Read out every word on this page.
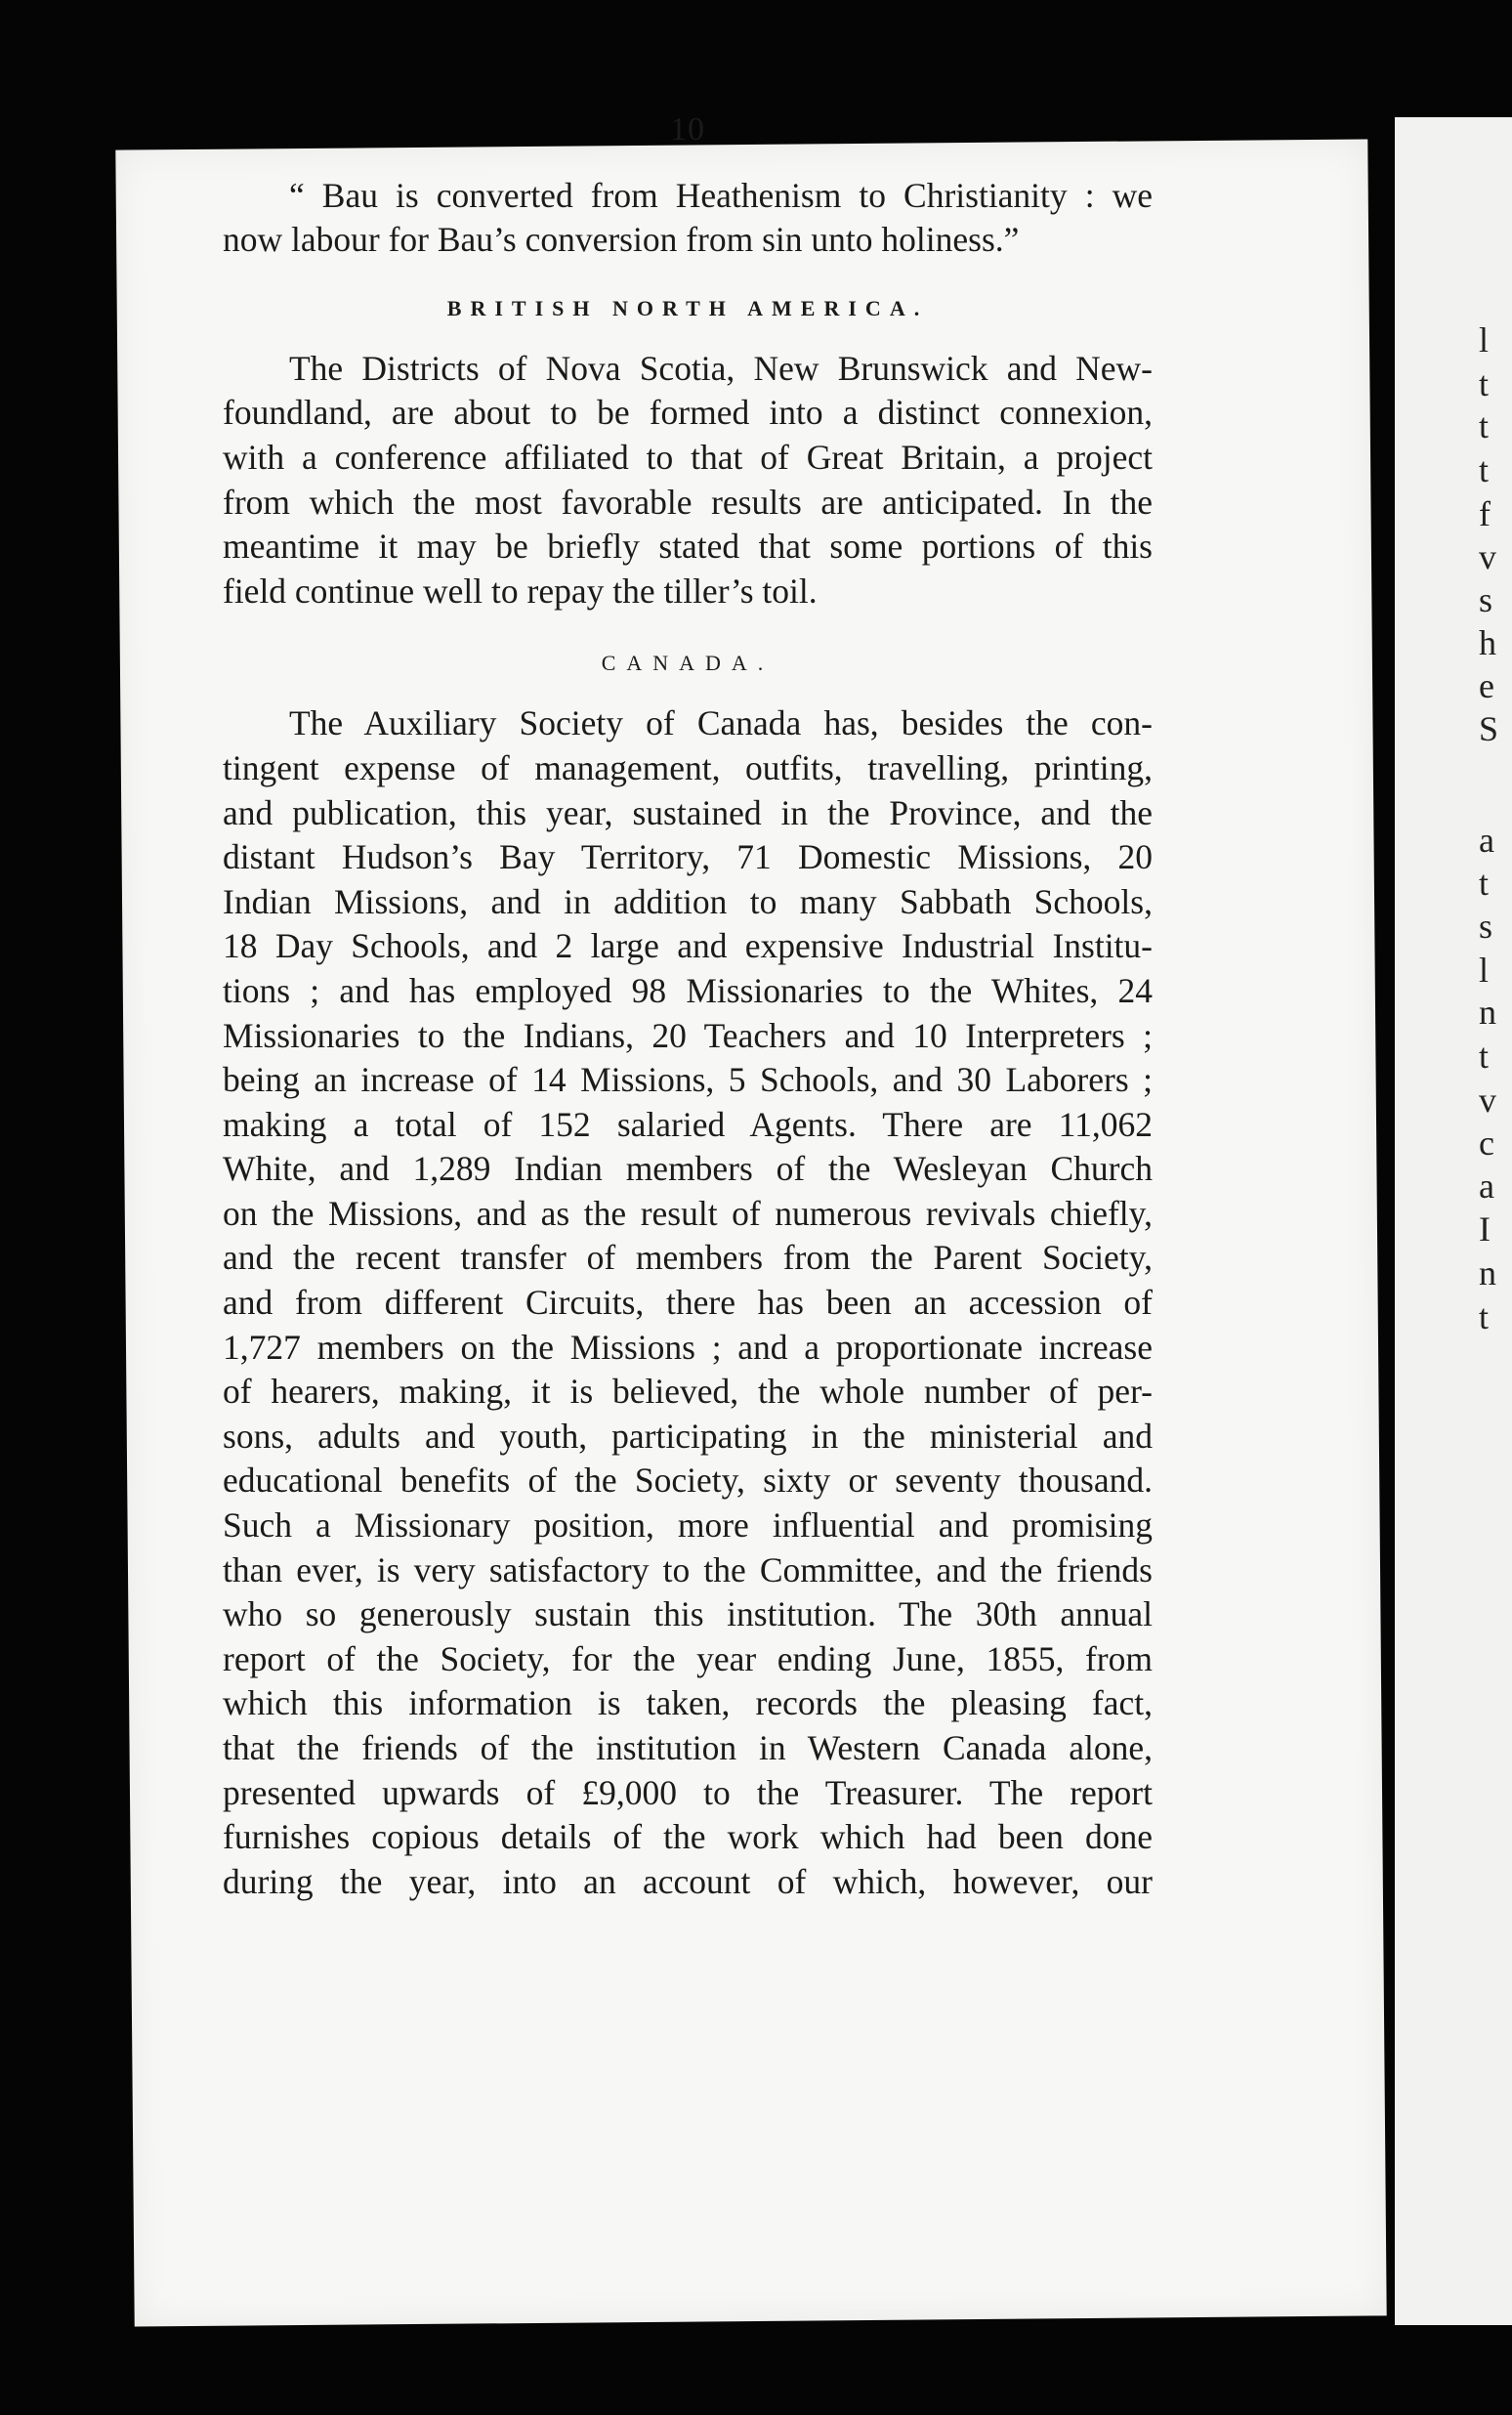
l
t
t
t
f
v
s
h
e
S
a
t
s
l
n
t
v
c
a
I
n
t
10

“ Bau is converted from Heathenism to Christianity : we
now labour for Bau’s conversion from sin unto holiness.”

BRITISH NORTH AMERICA.

The Districts of Nova Scotia, New Brunswick and New-
foundland, are about to be formed into a distinct connexion,
with a conference affiliated to that of Great Britain, a project
from which the most favorable results are anticipated. In the
meantime it may be briefly stated that some portions of this
field continue well to repay the tiller’s toil.

CANADA.

The Auxiliary Society of Canada has, besides the con-
tingent expense of management, outfits, travelling, printing,
and publication, this year, sustained in the Province, and the
distant Hudson’s Bay Territory, 71 Domestic Missions, 20
Indian Missions, and in addition to many Sabbath Schools,
18 Day Schools, and 2 large and expensive Industrial Institu-
tions ; and has employed 98 Missionaries to the Whites, 24
Missionaries to the Indians, 20 Teachers and 10 Interpreters ;
being an increase of 14 Missions, 5 Schools, and 30 Laborers ;
making a total of 152 salaried Agents. There are 11,062
White, and 1,289 Indian members of the Wesleyan Church
on the Missions, and as the result of numerous revivals chiefly,
and the recent transfer of members from the Parent Society,
and from different Circuits, there has been an accession of
1,727 members on the Missions ; and a proportionate increase
of hearers, making, it is believed, the whole number of per-
sons, adults and youth, participating in the ministerial and
educational benefits of the Society, sixty or seventy thousand.
Such a Missionary position, more influential and promising
than ever, is very satisfactory to the Committee, and the friends
who so generously sustain this institution. The 30th annual
report of the Society, for the year ending June, 1855, from
which this information is taken, records the pleasing fact,
that the friends of the institution in Western Canada alone,
presented upwards of £9,000 to the Treasurer. The report
furnishes copious details of the work which had been done
during the year, into an account of which, however, our
